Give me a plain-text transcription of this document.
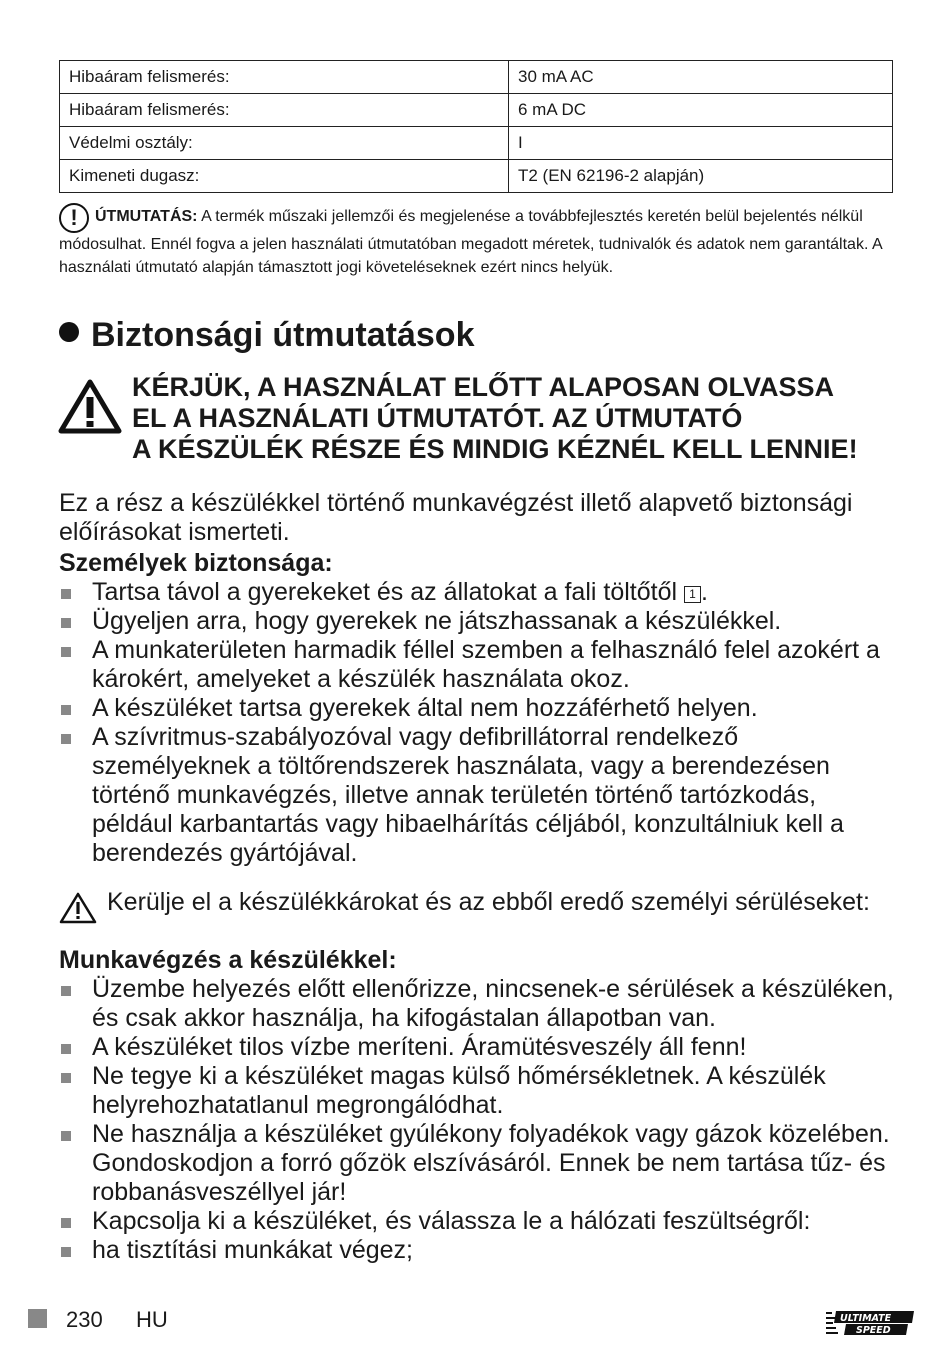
Hibaáram felismerés:	30 mA AC
Hibaáram felismerés:	6 mA DC
Védelmi osztály:	I
Kimeneti dugasz:	T2 (EN 62196-2 alapján)
! ÚTMUTATÁS: A termék műszaki jellemzői és megjelenése a továbbfejlesztés keretén belül bejelentés nélkül módosulhat. Ennél fogva a jelen használati útmutatóban megadott méretek, tudnivalók és adatok nem garantáltak. A használati útmutató alapján támasztott jogi követeléseknek ezért nincs helyük.
Biztonsági útmutatások
KÉRJÜK, A HASZNÁLAT ELŐTT ALAPOSAN OLVASSA
EL A HASZNÁLATI ÚTMUTATÓT. AZ ÚTMUTATÓ
A KÉSZÜLÉK RÉSZE ÉS MINDIG KÉZNÉL KELL LENNIE!
Ez a rész a készülékkel történő munkavégzést illető alapvető biztonsági előírásokat ismerteti.
Személyek biztonsága:
Tartsa távol a gyerekeket és az állatokat a fali töltőtől 1 .
Ügyeljen arra, hogy gyerekek ne játszhassanak a készülékkel.
A munkaterületen harmadik féllel szemben a felhasználó felel azokért a károkért, amelyeket a készülék használata okoz.
A készüléket tartsa gyerekek által nem hozzáférhető helyen.
A szívritmus-szabályozóval vagy defibrillátorral rendelkező személyeknek a töltőrendszerek használata, vagy a berendezésen történő munkavégzés, illetve annak területén történő tartózkodás, például karbantartás vagy hibaelhárítás céljából, konzultálniuk kell a berendezés gyártójával.
Kerülje el a készülékkárokat és az ebből eredő személyi sérüléseket:
Munkavégzés a készülékkel:
Üzembe helyezés előtt ellenőrizze, nincsenek-e sérülések a készüléken, és csak akkor használja, ha kifogástalan állapotban van.
A készüléket tilos vízbe meríteni. Áramütésveszély áll fenn!
Ne tegye ki a készüléket magas külső hőmérsékletnek. A készülék helyrehozhatatlanul megrongálódhat.
Ne használja a készüléket gyúlékony folyadékok vagy gázok közelében. Gondoskodjon a forró gőzök elszívásáról. Ennek be nem tartása tűz- és robbanásveszéllyel jár!
Kapcsolja ki a készüléket, és válassza le a hálózati feszültségről:
ha tisztítási munkákat végez;
230 HU	ULTIMATE
SPEED
